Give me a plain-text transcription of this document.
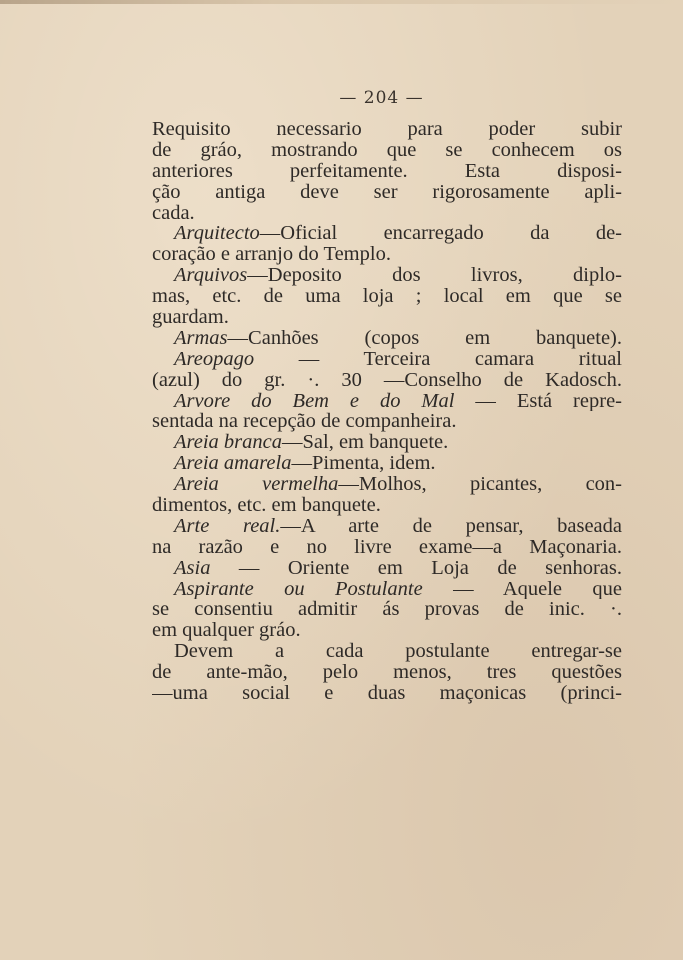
— 204 —
Requisito necessario para poder subir
de gráo, mostrando que se conhecem os
anteriores perfeitamente. Esta disposi-
ção antiga deve ser rigorosamente apli-
cada.
Arquitecto—Oficial encarregado da de-
coração e arranjo do Templo.
Arquivos—Deposito dos livros, diplo-
mas, etc. de uma loja ; local em que se
guardam.
Armas—Canhões (copos em banquete).
Areopago — Terceira camara ritual
(azul) do gr. ·. 30 —Conselho de Kadosch.
Arvore do Bem e do Mal — Está repre-
sentada na recepção de companheira.
Areia branca—Sal, em banquete.
Areia amarela—Pimenta, idem.
Areia vermelha—Molhos, picantes, con-
dimentos, etc. em banquete.
Arte real.—A arte de pensar, baseada
na razão e no livre exame—a Maçonaria.
Asia — Oriente em Loja de senhoras.
Aspirante ou Postulante — Aquele que
se consentiu admitir ás provas de inic. ·.
em qualquer gráo.
Devem a cada postulante entregar-se
de ante-mão, pelo menos, tres questões
—uma social e duas maçonicas (princi-
